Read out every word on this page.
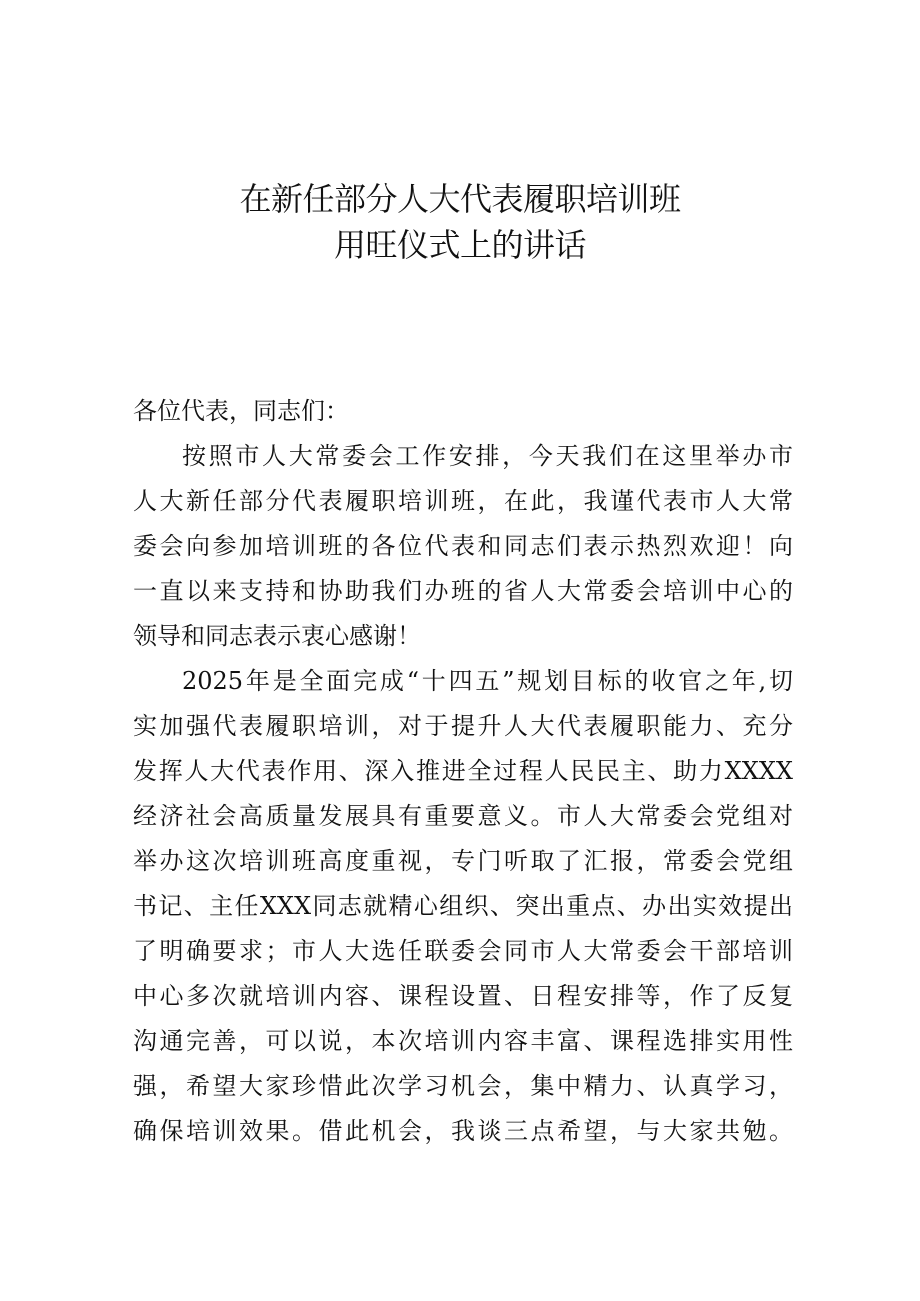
在新任部分人大代表履职培训班
用旺仪式上的讲话
各位代表，同志们：
按照市人大常委会工作安排，今天我们在这里举办市
人大新任部分代表履职培训班，在此，我谨代表市人大常
委会向参加培训班的各位代表和同志们表示热烈欢迎！向
一直以来支持和协助我们办班的省人大常委会培训中心的
领导和同志表示衷心感谢！
2025年是全面完成“十四五”规划目标的收官之年,切
实加强代表履职培训，对于提升人大代表履职能力、充分
发挥人大代表作用、深入推进全过程人民民主、助力XXXX
经济社会高质量发展具有重要意义。市人大常委会党组对
举办这次培训班高度重视，专门听取了汇报，常委会党组
书记、主任XXX同志就精心组织、突出重点、办出实效提出
了明确要求；市人大选任联委会同市人大常委会干部培训
中心多次就培训内容、课程设置、日程安排等，作了反复
沟通完善，可以说，本次培训内容丰富、课程选排实用性
强，希望大家珍惜此次学习机会，集中精力、认真学习，
确保培训效果。借此机会，我谈三点希望，与大家共勉。
